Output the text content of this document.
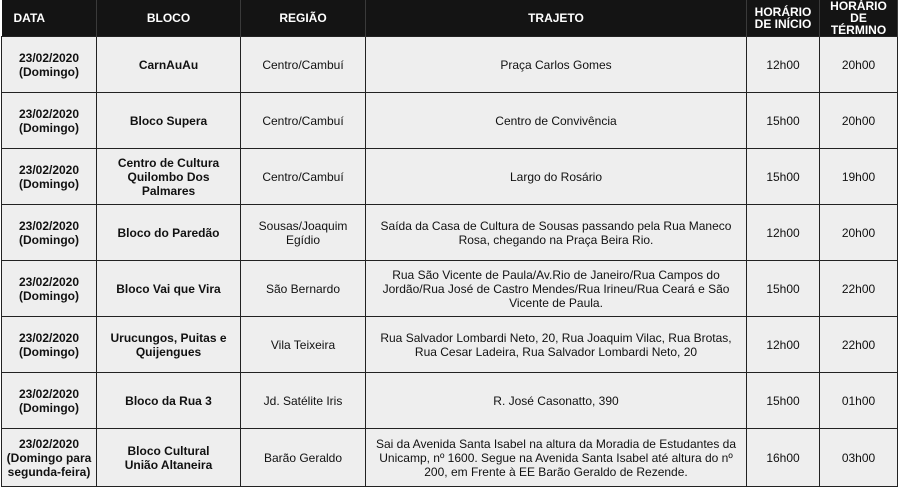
DATA	BLOCO	REGIÃO	TRAJETO	HORÁRIO DE INÍCIO	HORÁRIO DE TÉRMINO
23/02/2020
(Domingo)	CarnAuAu	Centro/Cambuí	Praça Carlos Gomes	12h00	20h00
23/02/2020
(Domingo)	Bloco Supera	Centro/Cambuí	Centro de Convivência	15h00	20h00
23/02/2020
(Domingo)	Centro de Cultura
Quilombo Dos Palmares	Centro/Cambuí	Largo do Rosário	15h00	19h00
23/02/2020
(Domingo)	Bloco do Paredão	Sousas/Joaquim Egídio	Saída da Casa de Cultura de Sousas passando pela Rua Maneco Rosa, chegando na Praça Beira Rio.	12h00	20h00
23/02/2020
(Domingo)	Bloco Vai que Vira	São Bernardo	Rua São Vicente de Paula/Av.Rio de Janeiro/Rua Campos do Jordão/Rua José de Castro Mendes/Rua Irineu/Rua Ceará e São Vicente de Paula.	15h00	22h00
23/02/2020
(Domingo)	Urucungos, Puitas e
Quijengues	Vila Teixeira	Rua Salvador Lombardi Neto, 20, Rua Joaquim Vilac, Rua Brotas, Rua Cesar Ladeira, Rua Salvador Lombardi Neto, 20	12h00	22h00
23/02/2020
(Domingo)	Bloco da Rua 3	Jd. Satélite Iris	R. José Casonatto, 390	15h00	01h00
23/02/2020
(Domingo para
segunda-feira)	Bloco Cultural
União Altaneira	Barão Geraldo	Sai da Avenida Santa Isabel na altura da Moradia de Estudantes da Unicamp, nº 1600. Segue na Avenida Santa Isabel até altura do nº 200, em Frente à EE Barão Geraldo de Rezende.	16h00	03h00
